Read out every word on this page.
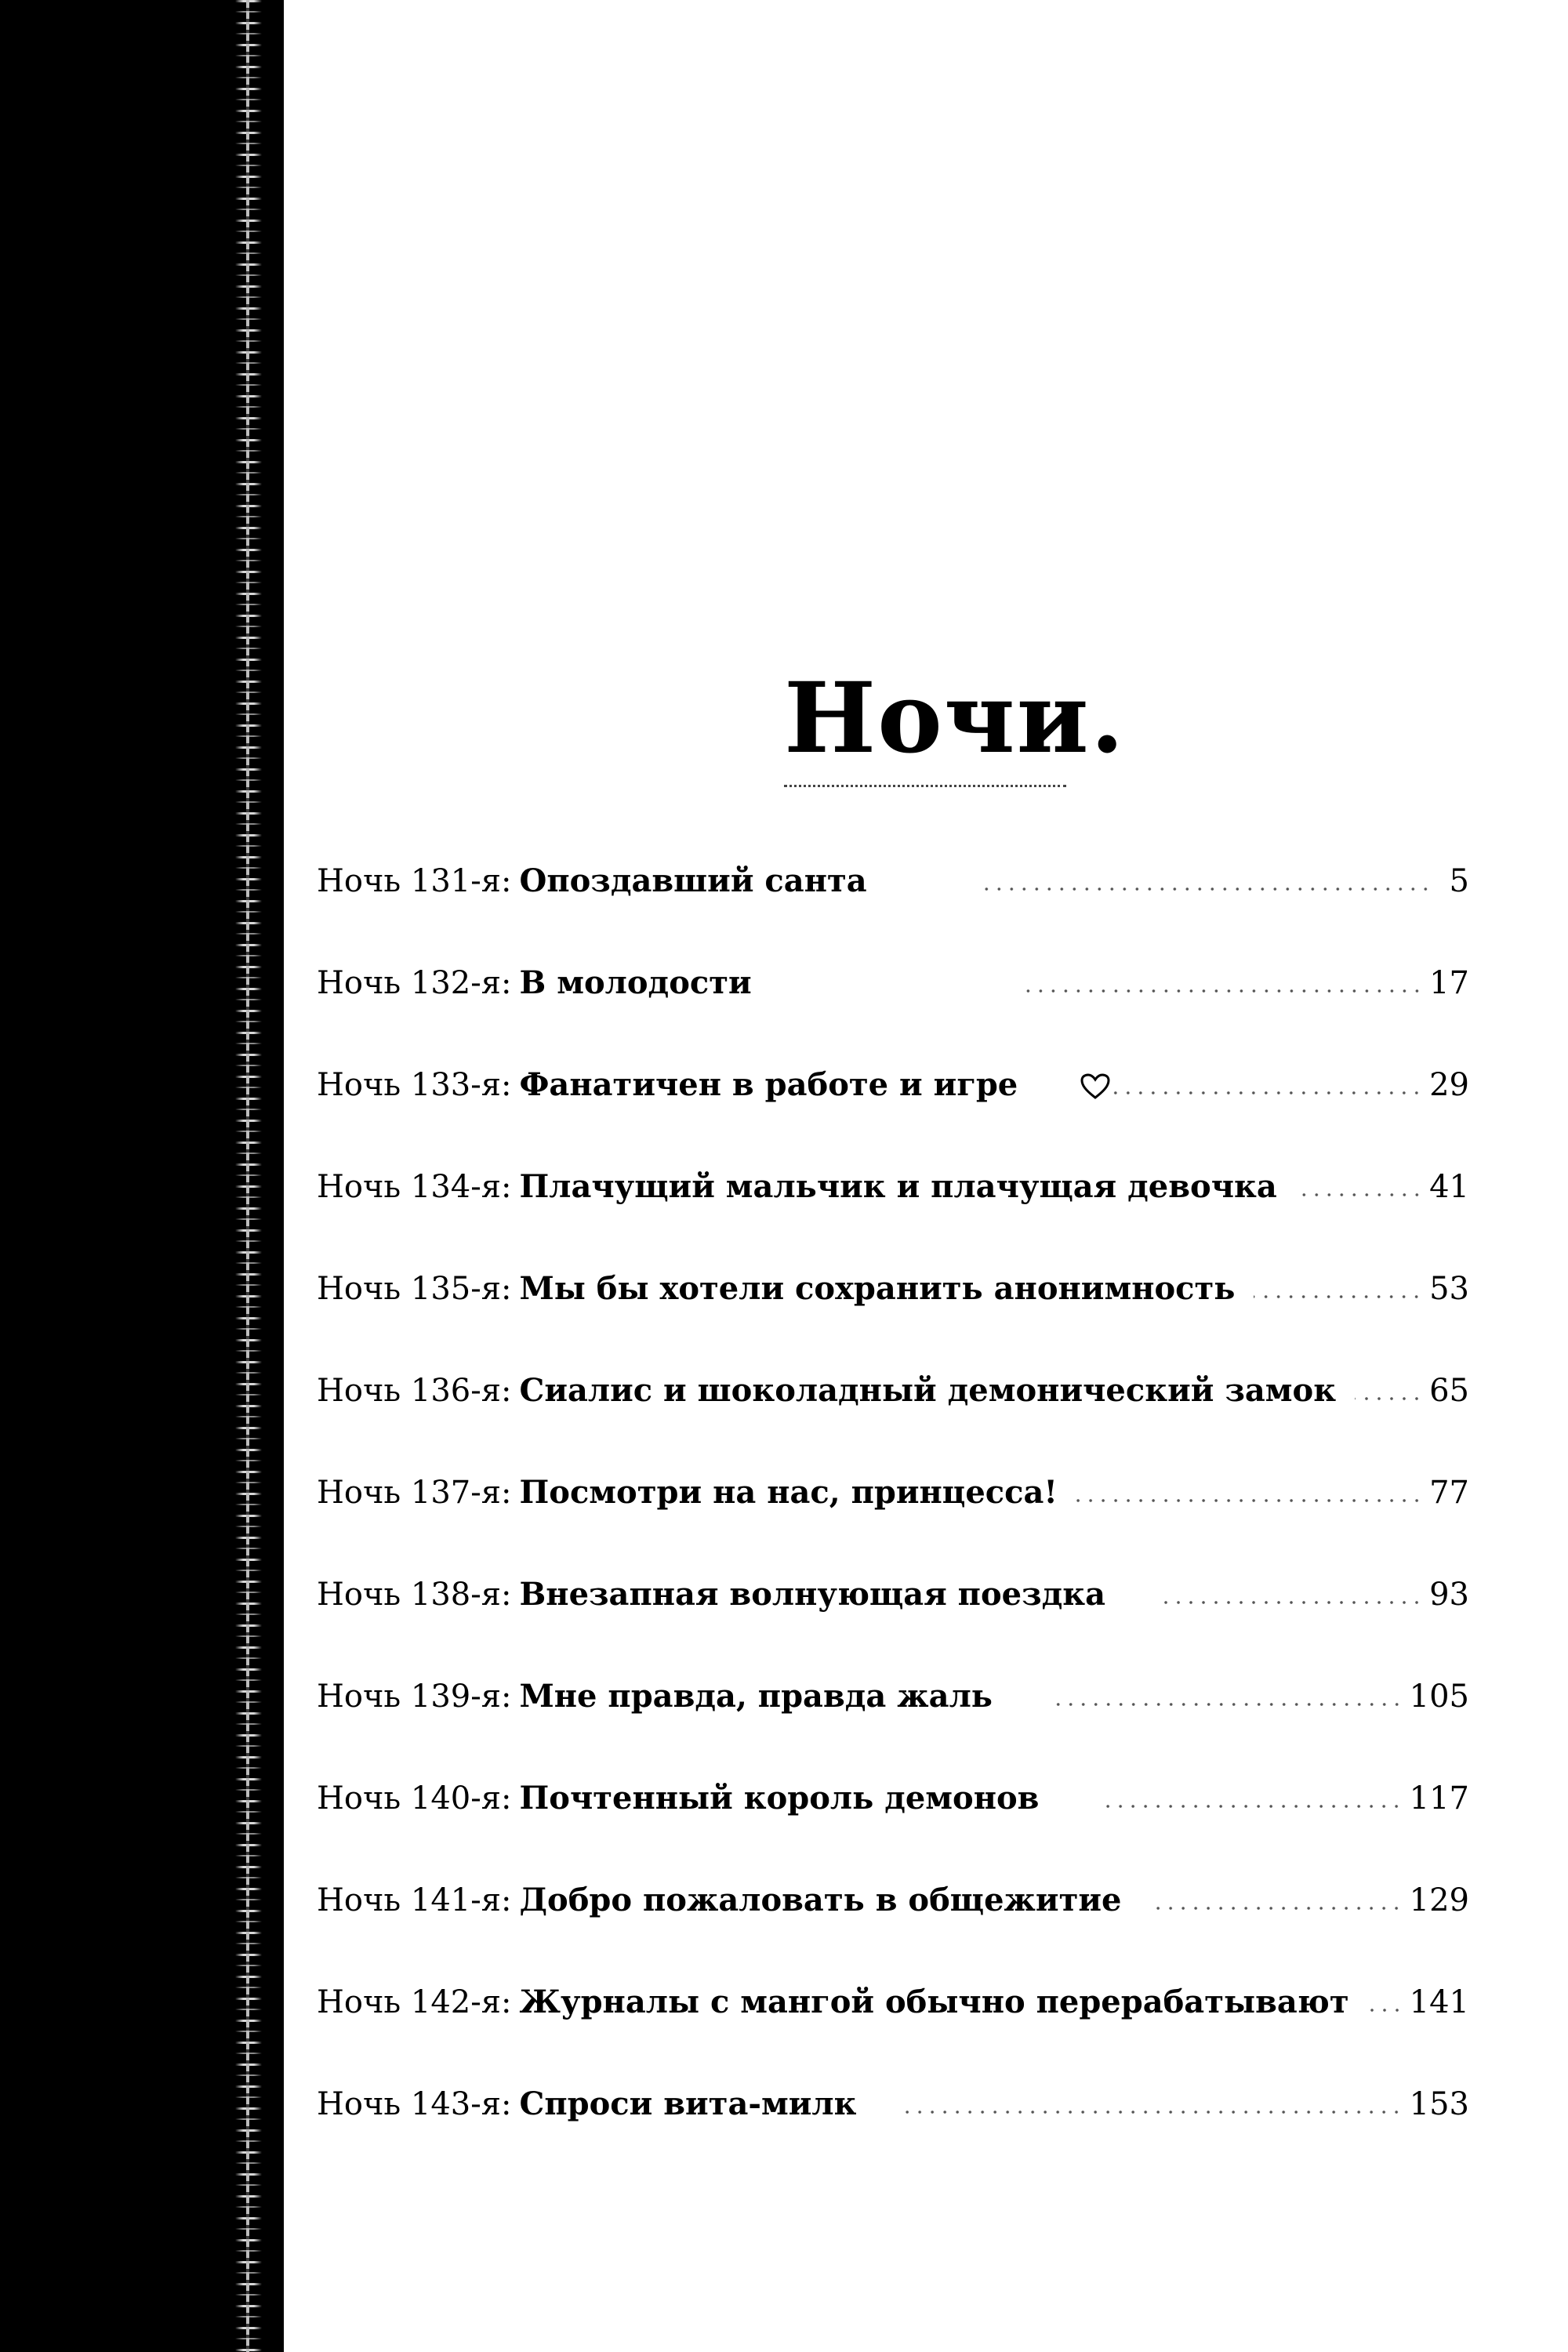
Ночи.
Ночь 131-я: Опоздавший санта	5
Ночь 132-я: В молодости	17
Ночь 133-я: Фанатичен в работе и игре	29
Ночь 134-я: Плачущий мальчик и плачущая девочка	41
Ночь 135-я: Мы бы хотели сохранить анонимность	53
Ночь 136-я: Сиалис и шоколадный демонический замок	65
Ночь 137-я: Посмотри на нас, принцесса!	77
Ночь 138-я: Внезапная волнующая поездка	93
Ночь 139-я: Мне правда, правда жаль	105
Ночь 140-я: Почтенный король демонов	117
Ночь 141-я: Добро пожаловать в общежитие	129
Ночь 142-я: Журналы с мангой обычно перерабатывают 141
Ночь 143-я: Спроси вита-милк	153
